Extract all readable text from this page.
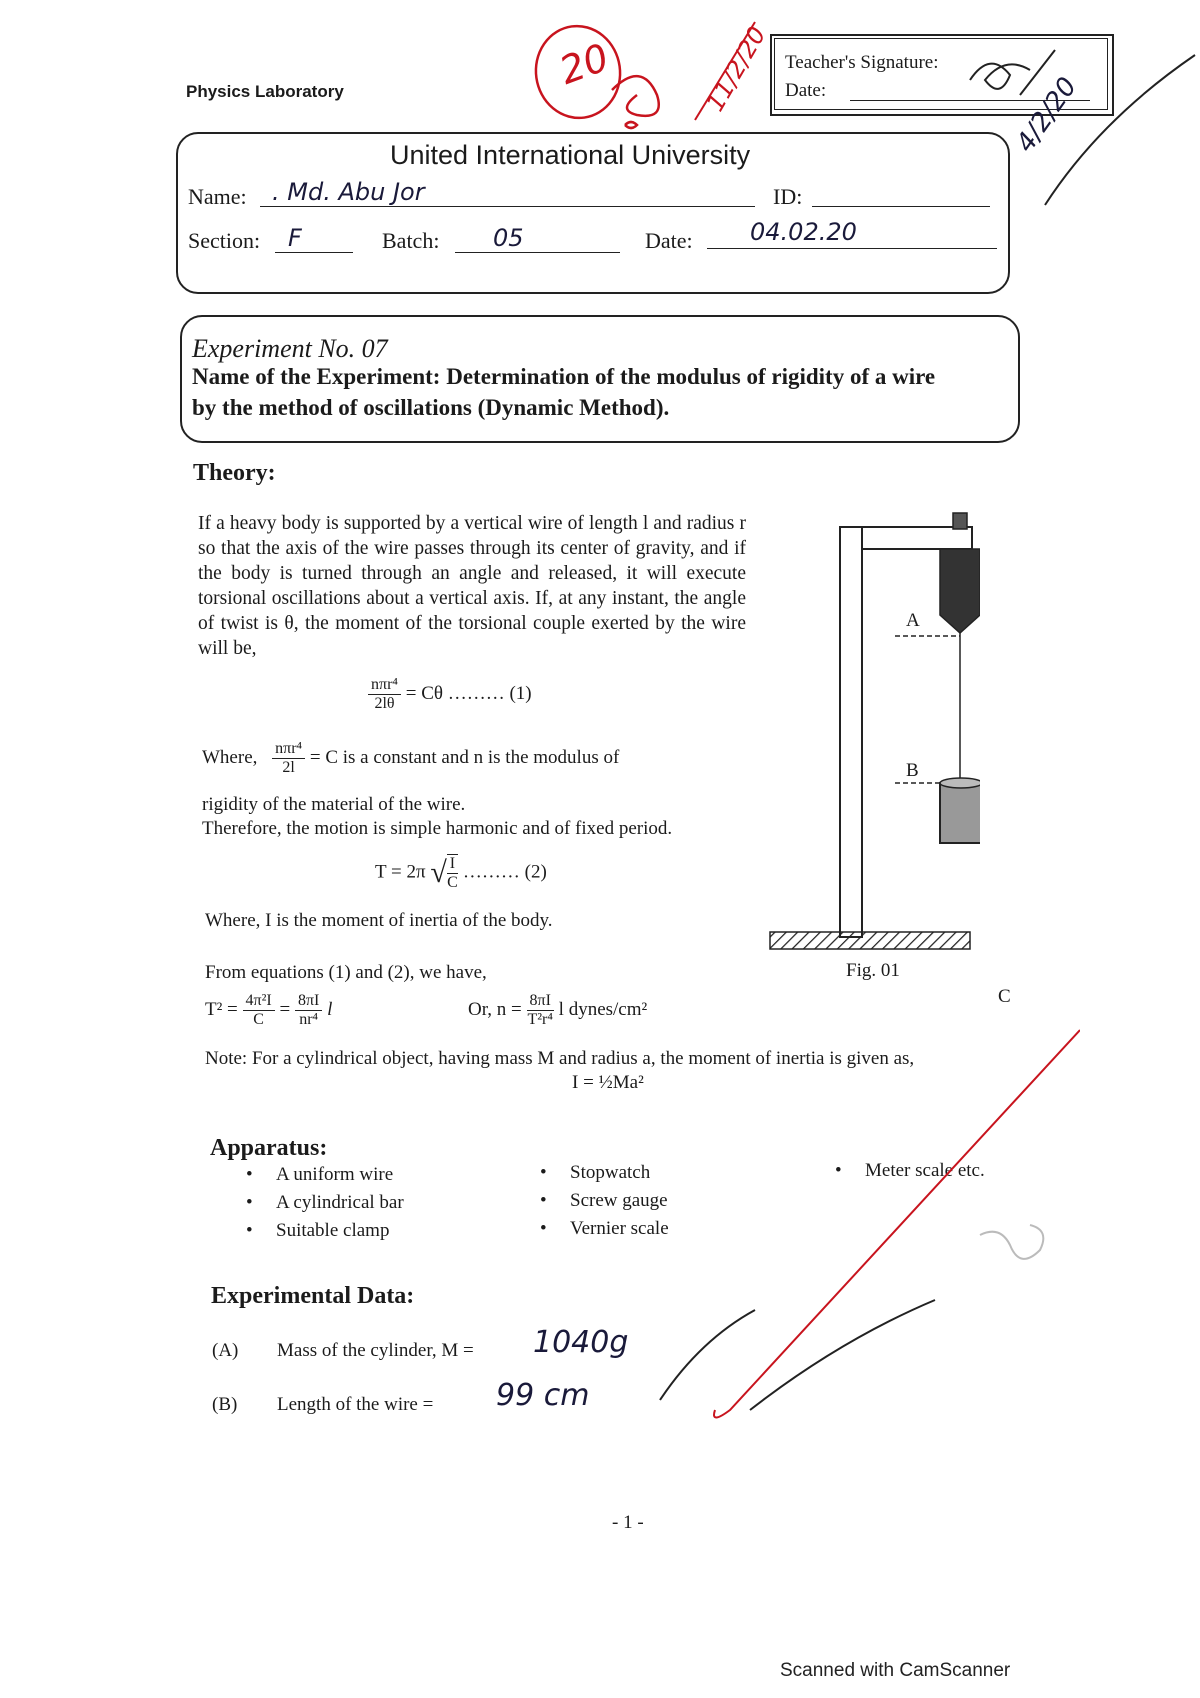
Physics Laboratory	20	11/2/20 Teacher's Signature:
Date:	4/2/20
United International University
Name: . Md. Abu Jor	ID:
Section: F	Batch: 05	Date: 04.02.20
Experiment No. 07
Name of the Experiment: Determination of the modulus of rigidity of a wire
by the method of oscillations (Dynamic Method).
Theory:
If a heavy body is supported by a vertical wire of length l and radius r so that the axis of the wire passes through its center of gravity, and if the body is turned through an angle and released, it will execute torsional oscillations about a vertical axis. If, at any instant, the angle of twist is θ, the moment of the torsional couple exerted by the wire will be,
$\frac{\text{nπr⁴}}{2l\theta} = C\theta$ ……… (1)
Where, $\frac{\text{nπr⁴}}{2l} = C$ is a constant and n is the modulus of
rigidity of the material of the wire.
Therefore, the motion is simple harmonic and of fixed period.
T = 2π √ $\frac{I}{C}$ ……… (2)
Where, I is the moment of inertia of the body.
From equations (1) and (2), we have,
$T^2 = \frac{\text{4π²I}}{C} = \frac{8\pi I}{\text{nr⁴}}$ l	Or, $n = \frac{8\pi I}{\text{T²r⁴}}$ l dynes/cm²
Note: For a cylindrical object, having mass M and radius a, the moment of inertia is given as,
I = ½Ma²
A
B
Fig. 01
C
Apparatus:
• A uniform wire
• A cylindrical bar
• Suitable clamp
• Stopwatch
• Screw gauge
• Vernier scale
• Meter scale etc.
Experimental Data:
(A) Mass of the cylinder, M = 1040g
(B) Length of the wire = 99 cm
- 1 -
Scanned with CamScanner
